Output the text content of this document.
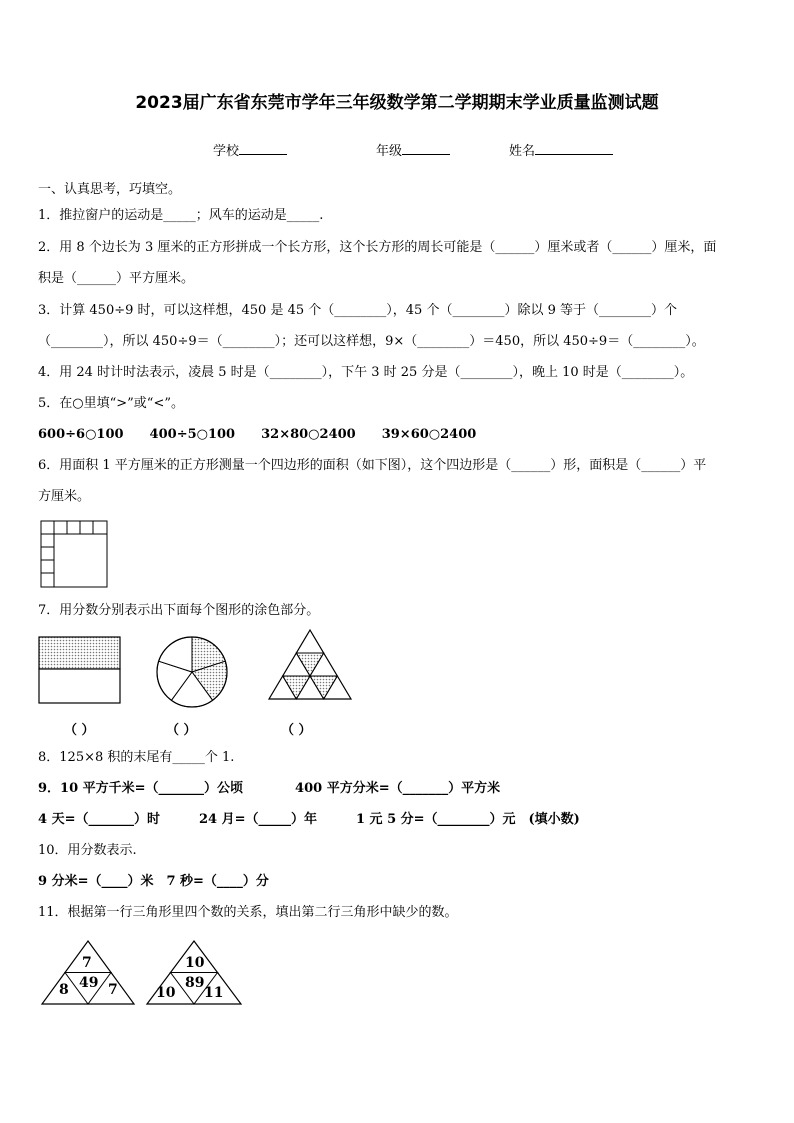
2023届广东省东莞市学年三年级数学第二学期期末学业质量监测试题
学校	年级	姓名
一、认真思考，巧填空。
1．推拉窗户的运动是_____；风车的运动是_____.
2．用 8 个边长为 3 厘米的正方形拼成一个长方形，这个长方形的周长可能是（______）厘米或者（______）厘米，面
积是（______）平方厘米。
3．计算 450÷9 时，可以这样想，450 是 45 个（________），45 个（________）除以 9 等于（________）个
（________），所以 450÷9＝（________）；还可以这样想，9×（________）＝450，所以 450÷9＝（________）。
4．用 24 时计时法表示，凌晨 5 时是（________），下午 3 时 25 分是（________），晚上 10 时是（________）。
5．在○里填“>”或“<”。
600÷6○100　　400÷5○100　　32×80○2400　　39×60○2400
6．用面积 1 平方厘米的正方形测量一个四边形的面积（如下图），这个四边形是（______）形，面积是（______）平
方厘米。
7．用分数分别表示出下面每个图形的涂色部分。
（ ）	（ ）	（ ）
8．125×8 积的末尾有_____个 1.
9．10 平方千米=（_______）公顷　　　　400 平方分米=（_______）平方米
4 天=（_______）时　　　24 月=（_____）年　　　1 元 5 分=（________）元　(填小数)
10．用分数表示.
9 分米=（____）米　7 秒=（____）分
11．根据第一行三角形里四个数的关系，填出第二行三角形中缺少的数。
7
49
8	7
10
89
10 11
